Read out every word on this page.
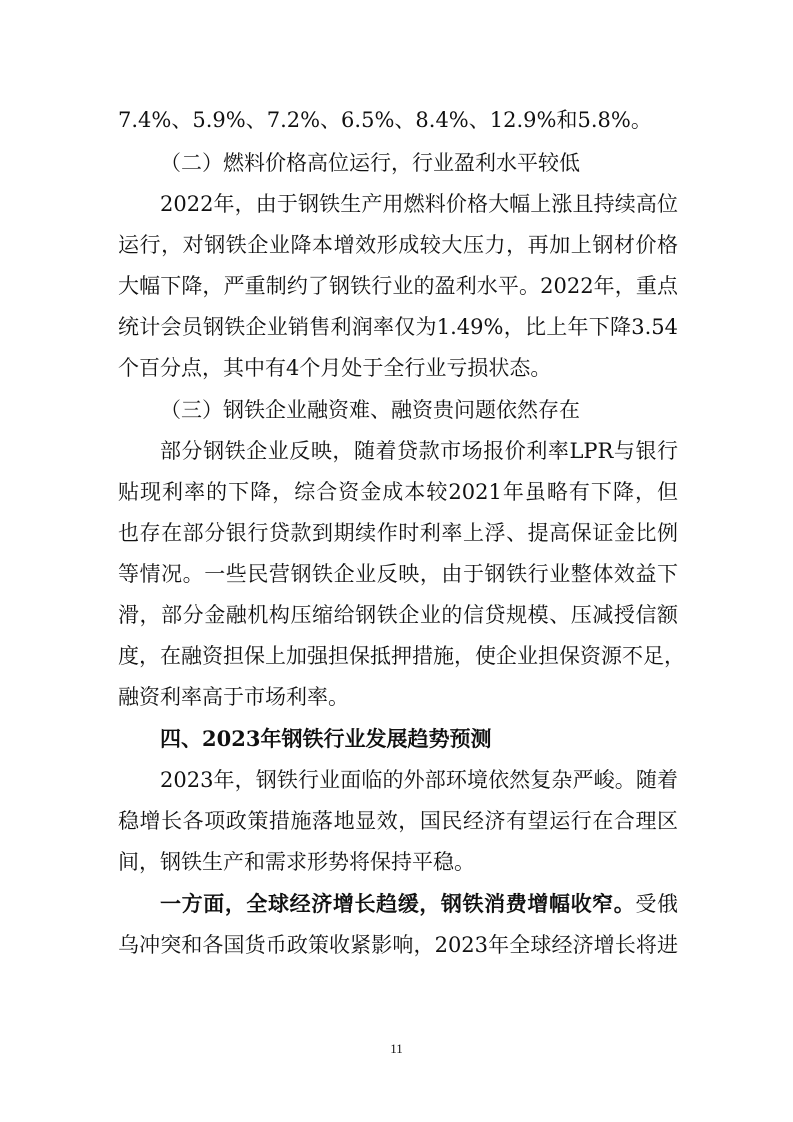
7.4%、5.9%、7.2%、6.5%、8.4%、12.9%和5.8%。
（二）燃料价格高位运行，行业盈利水平较低
2022年，由于钢铁生产用燃料价格大幅上涨且持续高位
运行，对钢铁企业降本增效形成较大压力，再加上钢材价格
大幅下降，严重制约了钢铁行业的盈利水平。2022年，重点
统计会员钢铁企业销售利润率仅为1.49%，比上年下降3.54
个百分点，其中有4个月处于全行业亏损状态。
（三）钢铁企业融资难、融资贵问题依然存在
部分钢铁企业反映，随着贷款市场报价利率LPR与银行
贴现利率的下降，综合资金成本较2021年虽略有下降，但
也存在部分银行贷款到期续作时利率上浮、提高保证金比例
等情况。一些民营钢铁企业反映，由于钢铁行业整体效益下
滑，部分金融机构压缩给钢铁企业的信贷规模、压减授信额
度，在融资担保上加强担保抵押措施，使企业担保资源不足，
融资利率高于市场利率。
四、2023年钢铁行业发展趋势预测
2023年，钢铁行业面临的外部环境依然复杂严峻。随着
稳增长各项政策措施落地显效，国民经济有望运行在合理区
间，钢铁生产和需求形势将保持平稳。
一方面，全球经济增长趋缓，钢铁消费增幅收窄。受俄
乌冲突和各国货币政策收紧影响，2023年全球经济增长将进
11
